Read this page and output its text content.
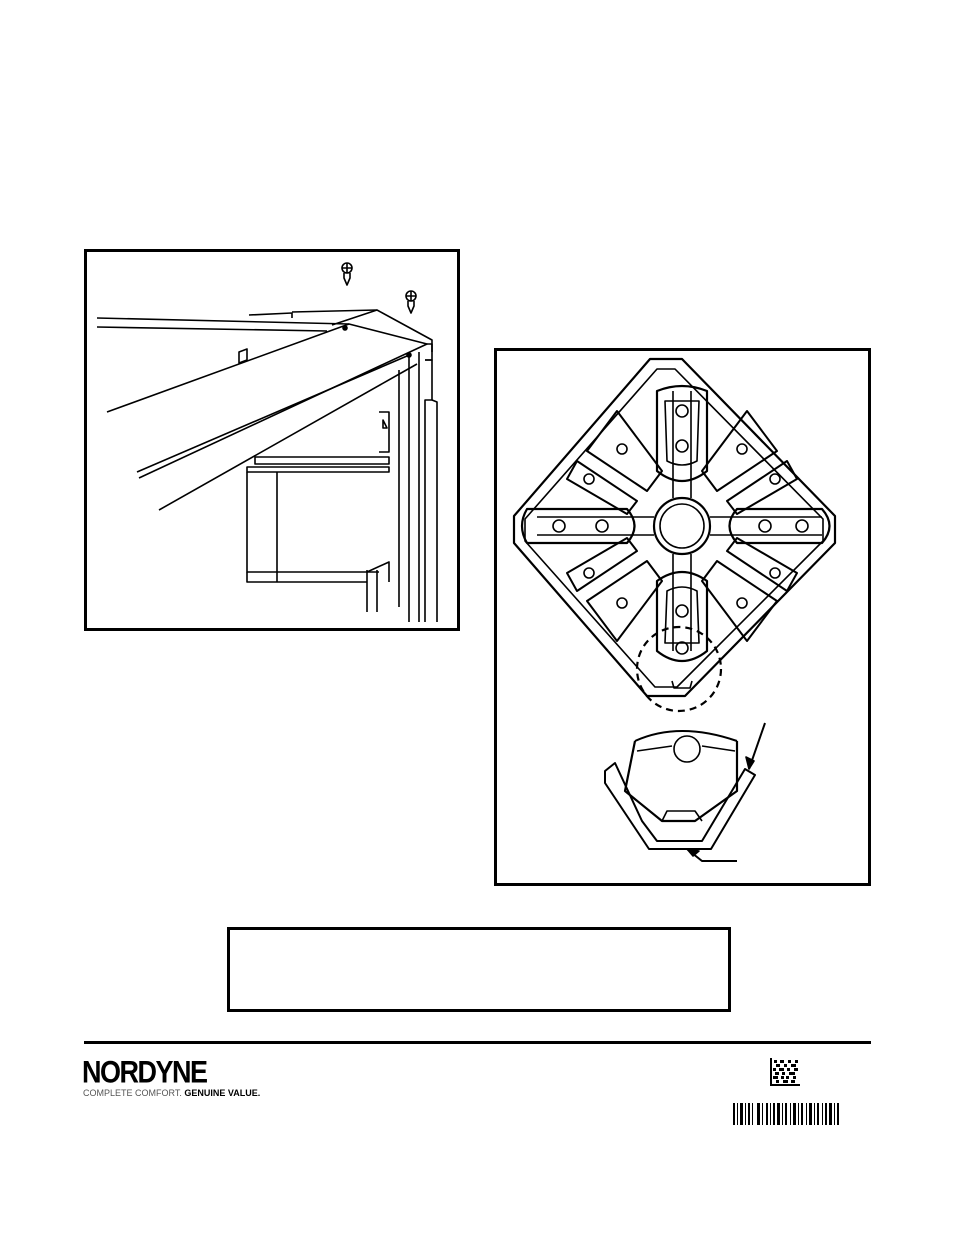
NORDYNE
COMPLETE COMFORT. GENUINE VALUE.
